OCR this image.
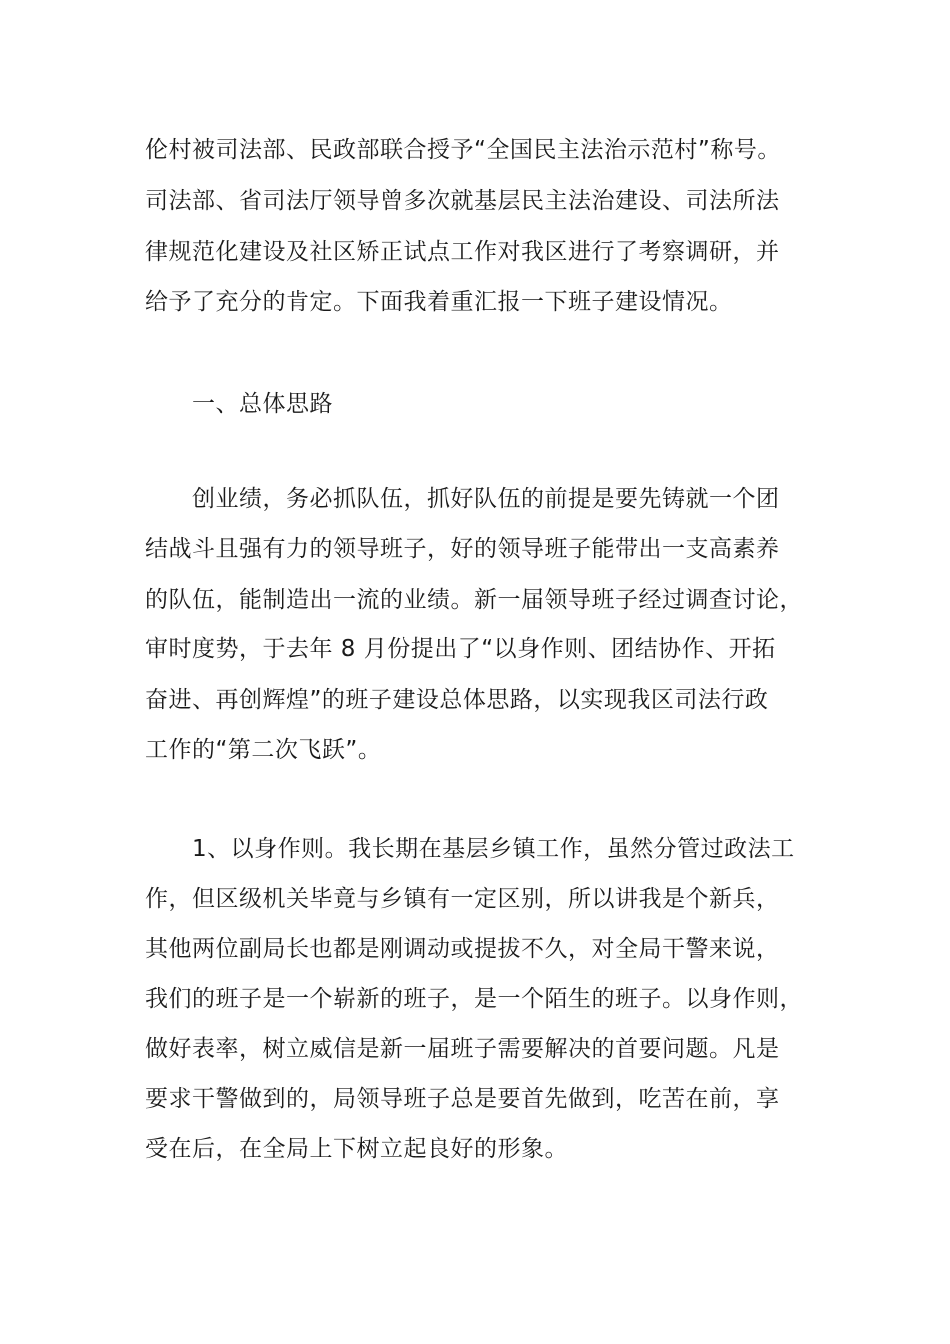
伦村被司法部、民政部联合授予“全国民主法治示范村”称号。
司法部、省司法厅领导曾多次就基层民主法治建设、司法所法
律规范化建设及社区矫正试点工作对我区进行了考察调研，并
给予了充分的肯定。下面我着重汇报一下班子建设情况。
一、总体思路
创业绩，务必抓队伍，抓好队伍的前提是要先铸就一个团
结战斗且强有力的领导班子，好的领导班子能带出一支高素养
的队伍，能制造出一流的业绩。新一届领导班子经过调查讨论，
审时度势，于去年 8 月份提出了“以身作则、团结协作、开拓
奋进、再创辉煌”的班子建设总体思路，以实现我区司法行政
工作的“第二次飞跃”。
1、以身作则。我长期在基层乡镇工作，虽然分管过政法工
作，但区级机关毕竟与乡镇有一定区别，所以讲我是个新兵，
其他两位副局长也都是刚调动或提拔不久，对全局干警来说，
我们的班子是一个崭新的班子，是一个陌生的班子。以身作则，
做好表率，树立威信是新一届班子需要解决的首要问题。凡是
要求干警做到的，局领导班子总是要首先做到，吃苦在前，享
受在后，在全局上下树立起良好的形象。
